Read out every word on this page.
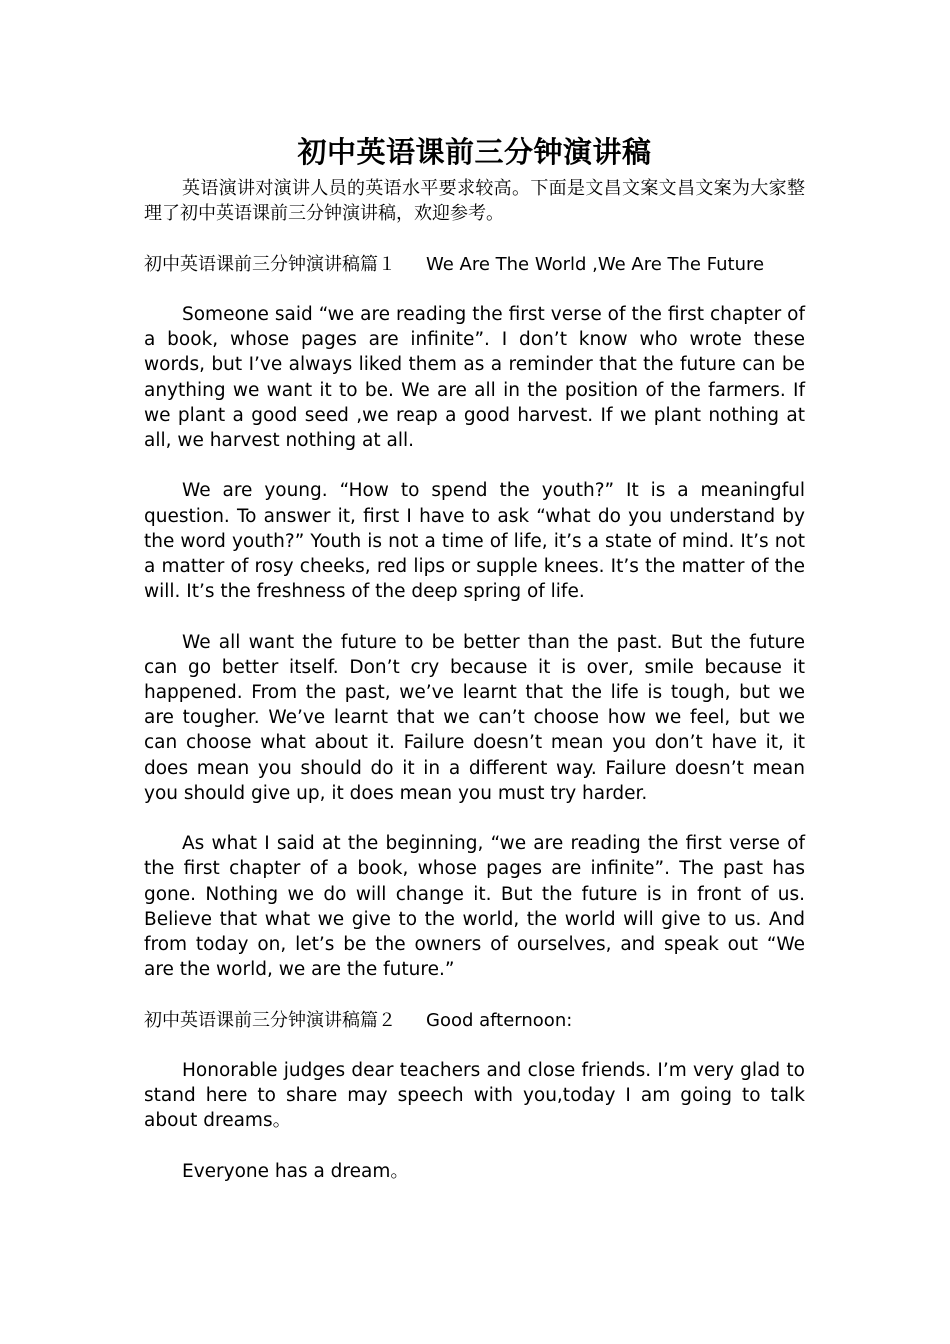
初中英语课前三分钟演讲稿

英语演讲对演讲人员的英语水平要求较高。下面是文昌文案文昌文案为大家整理了初中英语课前三分钟演讲稿，欢迎参考。

初中英语课前三分钟演讲稿篇１ We Are The World ,We Are The Future

Someone said “we are reading the first verse of the first chapter of a book, whose pages are infinite”. I don’t know who wrote these words, but I’ve always liked them as a reminder that the future can be anything we want it to be. We are all in the position of the farmers. If we plant a good seed ,we reap a good harvest. If we plant nothing at all, we harvest nothing at all.

We are young. “How to spend the youth?” It is a meaningful question. To answer it, first I have to ask “what do you understand by the word youth?” Youth is not a time of life, it’s a state of mind. It’s not a matter of rosy cheeks, red lips or supple knees. It’s the matter of the will. It’s the freshness of the deep spring of life.

We all want the future to be better than the past. But the future can go better itself. Don’t cry because it is over, smile because it happened. From the past, we’ve learnt that the life is tough, but we are tougher. We’ve learnt that we can’t choose how we feel, but we can choose what about it. Failure doesn’t mean you don’t have it, it does mean you should do it in a different way. Failure doesn’t mean you should give up, it does mean you must try harder.

As what I said at the beginning, “we are reading the first verse of the first chapter of a book, whose pages are infinite”. The past has gone. Nothing we do will change it. But the future is in front of us. Believe that what we give to the world, the world will give to us. And from today on, let’s be the owners of ourselves, and speak out “We are the world, we are the future.”

初中英语课前三分钟演讲稿篇２ Good afternoon:

Honorable judges dear teachers and close friends. I’m very glad to stand here to share may speech with you,today I am going to talk about dreams。

Everyone has a dream。
